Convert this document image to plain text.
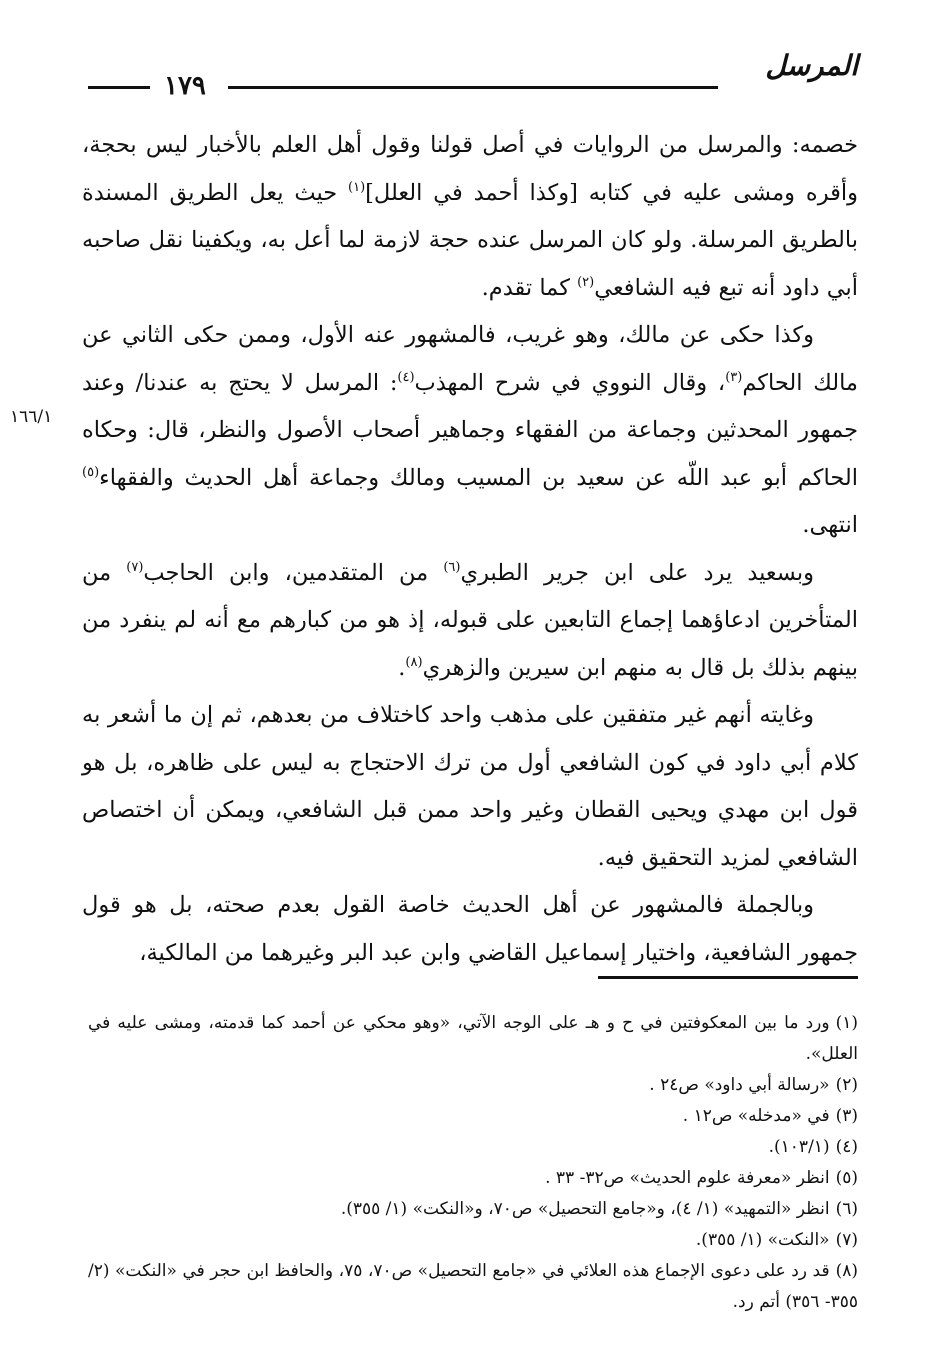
المرسل
١٧٩
١٦٦/١

خصمه: والمرسل من الروايات في أصل قولنا وقول أهل العلم بالأخبار ليس بحجة، وأقره ومشى عليه في كتابه [وكذا أحمد في العلل]$^{(١)}$ حيث يعل الطريق المسندة بالطريق المرسلة. ولو كان المرسل عنده حجة لازمة لما أعل به، ويكفينا نقل صاحبه أبي داود أنه تبع فيه الشافعي$^{(٢)}$ كما تقدم.

وكذا حكى عن مالك، وهو غريب، فالمشهور عنه الأول، وممن حكى الثاني عن مالك الحاكم$^{(٣)}$، وقال النووي في شرح المهذب$^{(٤)}$: المرسل لا يحتج به عندنا/ وعند جمهور المحدثين وجماعة من الفقهاء وجماهير أصحاب الأصول والنظر، قال: وحكاه الحاكم أبو عبد اللّه عن سعيد بن المسيب ومالك وجماعة أهل الحديث والفقهاء$^{(٥)}$ انتهى.

وبسعيد يرد على ابن جرير الطبري$^{(٦)}$ من المتقدمين، وابن الحاجب$^{(٧)}$ من المتأخرين ادعاؤهما إجماع التابعين على قبوله، إذ هو من كبارهم مع أنه لم ينفرد من بينهم بذلك بل قال به منهم ابن سيرين والزهري$^{(٨)}$.

وغايته أنهم غير متفقين على مذهب واحد كاختلاف من بعدهم، ثم إن ما أشعر به كلام أبي داود في كون الشافعي أول من ترك الاحتجاج به ليس على ظاهره، بل هو قول ابن مهدي ويحيى القطان وغير واحد ممن قبل الشافعي، ويمكن أن اختصاص الشافعي لمزيد التحقيق فيه.

وبالجملة فالمشهور عن أهل الحديث خاصة القول بعدم صحته، بل هو قول جمهور الشافعية، واختيار إسماعيل القاضي وابن عبد البر وغيرهما من المالكية،

(١)ورد ما بين المعكوفتين في ح و هـ على الوجه الآتي، «وهو محكي عن أحمد كما قدمته، ومشى عليه في العلل».
(٢)«رسالة أبي داود» ص٢٤ .
(٣)في «مدخله» ص١٢ .
(٤)(١٠٣/١).
(٥)انظر «معرفة علوم الحديث» ص٣٢- ٣٣ .
(٦)انظر «التمهيد» (١/ ٤)، و«جامع التحصيل» ص٧٠، و«النكت» (١/ ٣٥٥).
(٧)«النكت» (١/ ٣٥٥).
(٨)قد رد على دعوى الإجماع هذه العلائي في «جامع التحصيل» ص٧٠، ٧٥، والحافظ ابن حجر في «النكت» (٢/ ٣٥٥- ٣٥٦) أتم رد.
